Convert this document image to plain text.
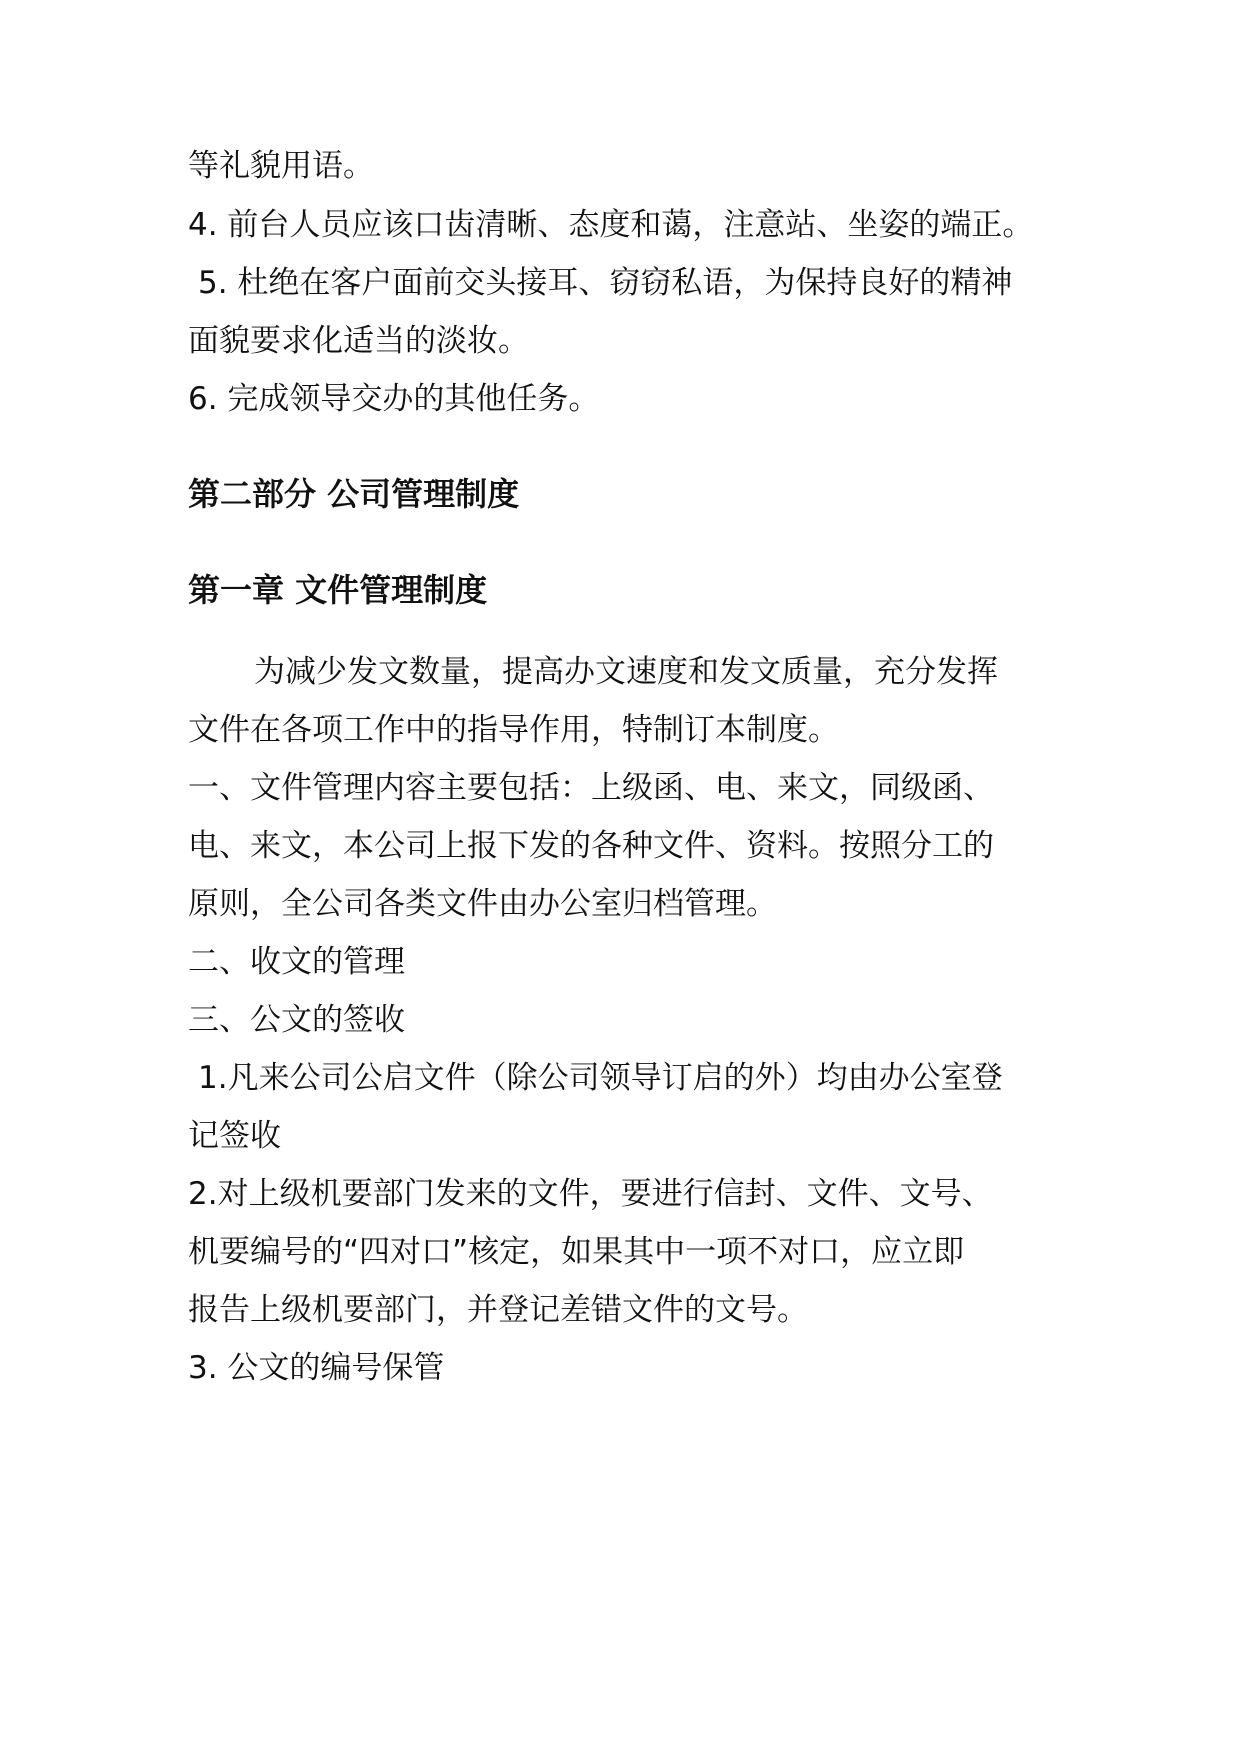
等礼貌用语。
4. 前台人员应该口齿清晰、态度和蔼，注意站、坐姿的端正。
5. 杜绝在客户面前交头接耳、窃窃私语，为保持良好的精神
面貌要求化适当的淡妆。
6. 完成领导交办的其他任务。
第二部分 公司管理制度
第一章 文件管理制度
为减少发文数量，提高办文速度和发文质量，充分发挥
文件在各项工作中的指导作用，特制订本制度。
一、文件管理内容主要包括：上级函、电、来文，同级函、
电、来文，本公司上报下发的各种文件、资料。按照分工的
原则，全公司各类文件由办公室归档管理。
二、收文的管理
三、公文的签收
1.凡来公司公启文件（除公司领导订启的外）均由办公室登
记签收
2.对上级机要部门发来的文件，要进行信封、文件、文号、
机要编号的“四对口”核定，如果其中一项不对口，应立即
报告上级机要部门，并登记差错文件的文号。
3. 公文的编号保管
